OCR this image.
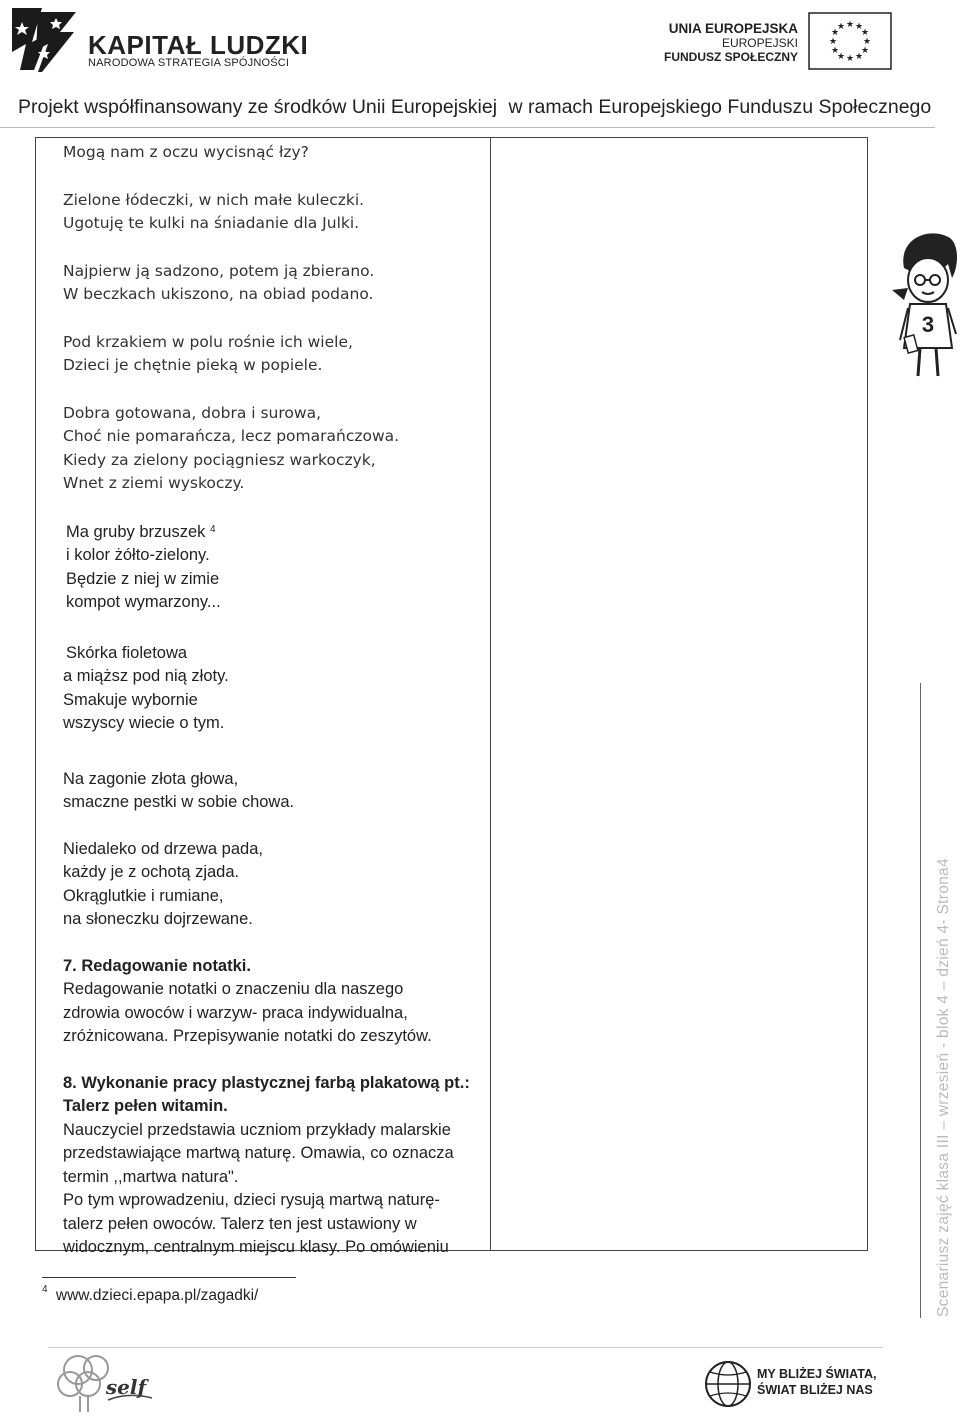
KAPITAŁ LUDZKI
NARODOWA STRATEGIA SPÓJNOŚCI
UNIA EUROPEJSKA
EUROPEJSKI
FUNDUSZ SPOŁECZNY
★ ★
★
★
★
★
★
★
★
★
★
★
Projekt współfinansowany ze środków Unii Europejskiej w ramach Europejskiego Funduszu Społecznego

Mogą nam z oczu wycisnąć łzy?

Zielone łódeczki, w nich małe kuleczki.

Ugotuję te kulki na śniadanie dla Julki.

Najpierw ją sadzono, potem ją zbierano.

W beczkach ukiszono, na obiad podano.

Pod krzakiem w polu rośnie ich wiele,

Dzieci je chętnie pieką w popiele.

Dobra gotowana, dobra i surowa,

Choć nie pomarańcza, lecz pomarańczowa.

Kiedy za zielony pociągniesz warkoczyk,

Wnet z ziemi wyskoczy.

Ma gruby brzuszek $^4$

i kolor żółto-zielony.

Będzie z niej w zimie

kompot wymarzony...

Skórka fioletowa

a miąższ pod nią złoty.

Smakuje wybornie

wszyscy wiecie o tym.

Na zagonie złota głowa,

smaczne pestki w sobie chowa.

Niedaleko od drzewa pada,

każdy je z ochotą zjada.

Okrąglutkie i rumiane,

na słoneczku dojrzewane.

7. Redagowanie notatki.

Redagowanie notatki o znaczeniu dla naszego

zdrowia owoców i warzyw- praca indywidualna,

zróżnicowana. Przepisywanie notatki do zeszytów.

8. Wykonanie pracy plastycznej farbą plakatową pt.:

Talerz pełen witamin.

Nauczyciel przedstawia uczniom przykłady malarskie

przedstawiające martwą naturę. Omawia, co oznacza

termin ,,martwa natura".

Po tym wprowadzeniu, dzieci rysują martwą naturę-

talerz pełen owoców. Talerz ten jest ustawiony w

widocznym, centralnym miejscu klasy. Po omówieniu

$^4$ www.dzieci.epapa.pl/zagadki/
3
Scenariusz zajęć klasa III – wrzesień - blok 4 – dzień 4- Strona4
self
MY BLIŻEJ ŚWIATA,
ŚWIAT BLIŻEJ NAS
